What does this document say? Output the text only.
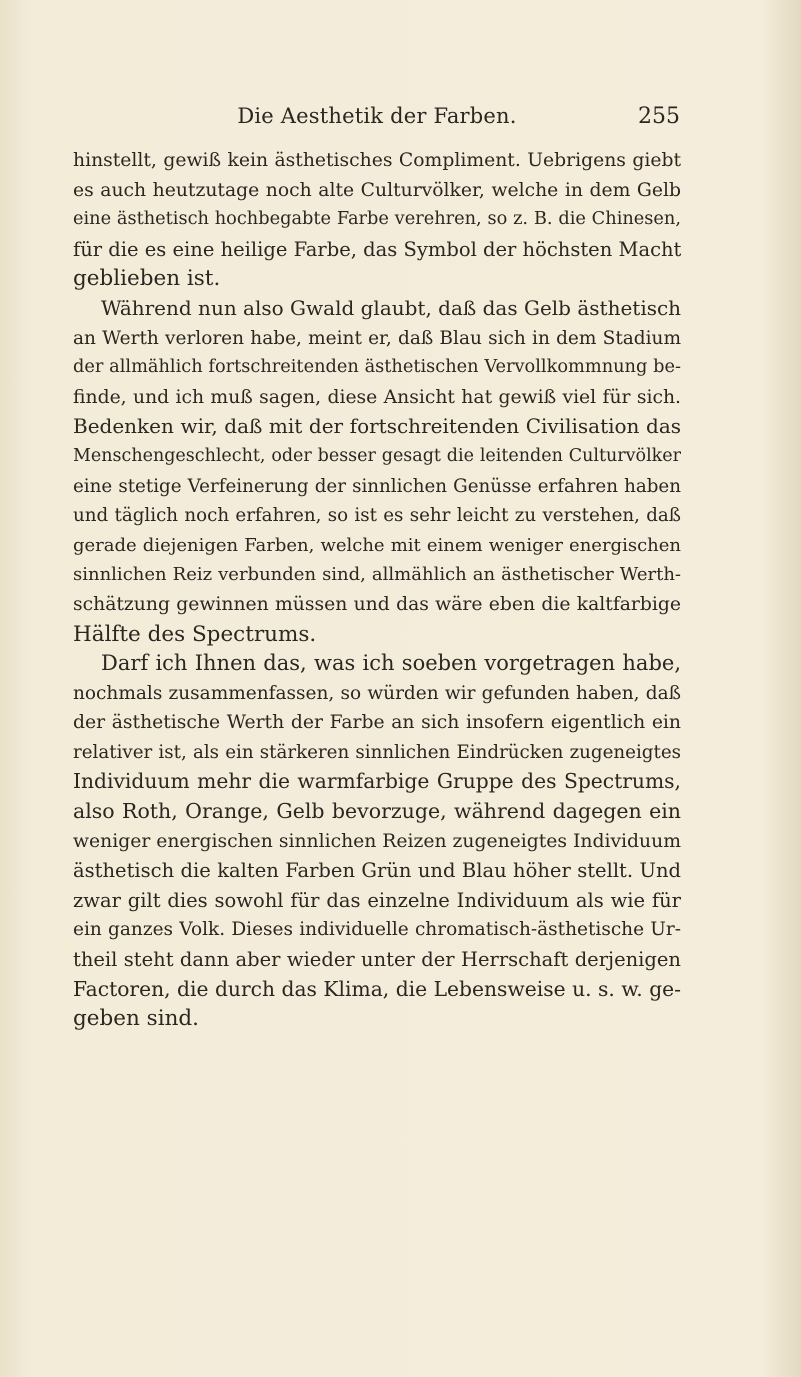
Die Aesthetik der Farben.	255
hinstellt, gewiß kein ästhetisches Compliment. Uebrigens giebt
es auch heutzutage noch alte Culturvölker, welche in dem Gelb
eine ästhetisch hochbegabte Farbe verehren, so z. B. die Chinesen,
für die es eine heilige Farbe, das Symbol der höchsten Macht
geblieben ist.
Während nun also Gwald glaubt, daß das Gelb ästhetisch
an Werth verloren habe, meint er, daß Blau sich in dem Stadium
der allmählich fortschreitenden ästhetischen Vervollkommnung be-
finde, und ich muß sagen, diese Ansicht hat gewiß viel für sich.
Bedenken wir, daß mit der fortschreitenden Civilisation das
Menschengeschlecht, oder besser gesagt die leitenden Culturvölker
eine stetige Verfeinerung der sinnlichen Genüsse erfahren haben
und täglich noch erfahren, so ist es sehr leicht zu verstehen, daß
gerade diejenigen Farben, welche mit einem weniger energischen
sinnlichen Reiz verbunden sind, allmählich an ästhetischer Werth-
schätzung gewinnen müssen und das wäre eben die kaltfarbige
Hälfte des Spectrums.
Darf ich Ihnen das, was ich soeben vorgetragen habe,
nochmals zusammenfassen, so würden wir gefunden haben, daß
der ästhetische Werth der Farbe an sich insofern eigentlich ein
relativer ist, als ein stärkeren sinnlichen Eindrücken zugeneigtes
Individuum mehr die warmfarbige Gruppe des Spectrums,
also Roth, Orange, Gelb bevorzuge, während dagegen ein
weniger energischen sinnlichen Reizen zugeneigtes Individuum
ästhetisch die kalten Farben Grün und Blau höher stellt. Und
zwar gilt dies sowohl für das einzelne Individuum als wie für
ein ganzes Volk. Dieses individuelle chromatisch-ästhetische Ur-
theil steht dann aber wieder unter der Herrschaft derjenigen
Factoren, die durch das Klima, die Lebensweise u. s. w. ge-
geben sind.
